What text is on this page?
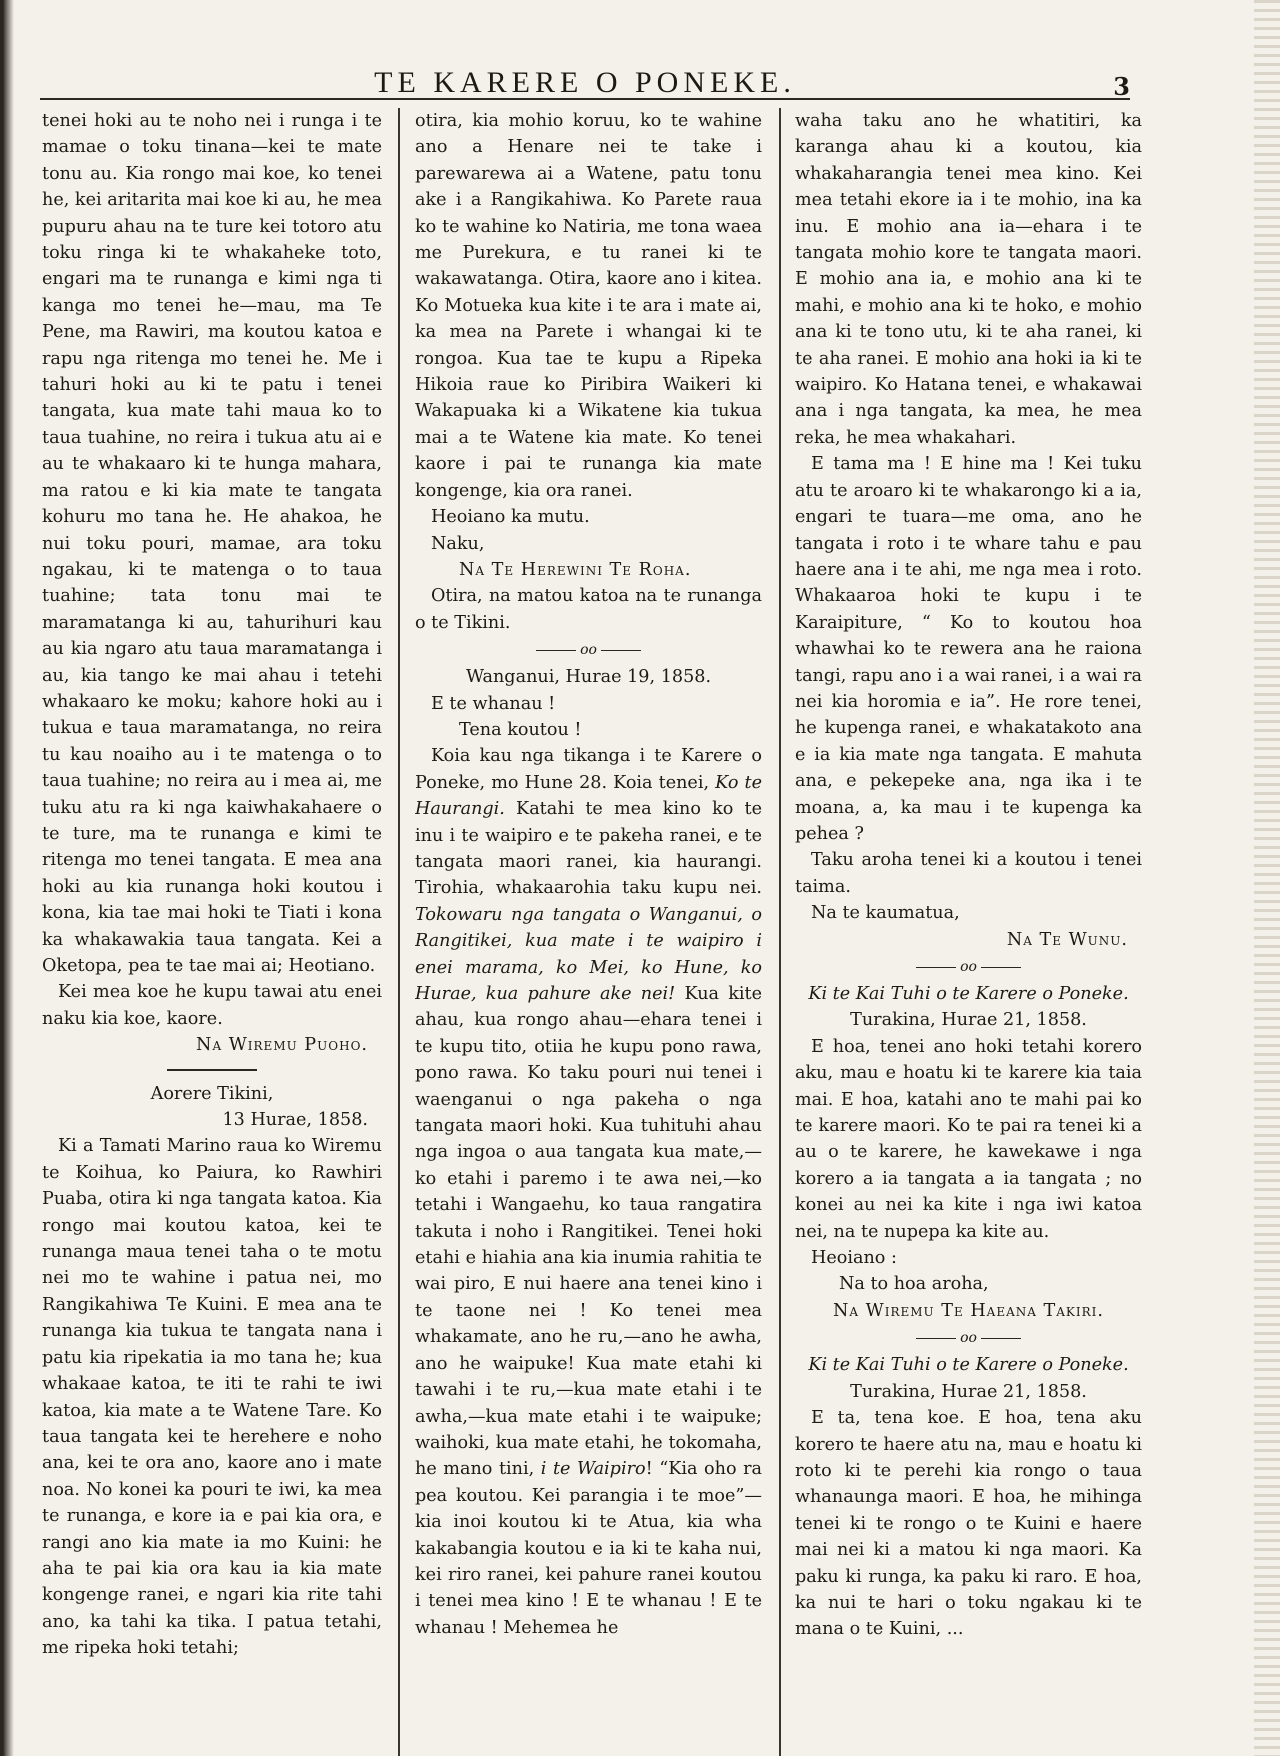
TE KARERE O PONEKE.	3

tenei hoki au te noho nei i runga i te mamae o toku tinana—kei te mate tonu au. Kia rongo mai koe, ko tenei he, kei aritarita mai koe ki au, he mea pupuru ahau na te ture kei totoro atu toku ringa ki te whakaheke toto, engari ma te runanga e kimi nga ti kanga mo tenei he—mau, ma Te Pene, ma Rawiri, ma koutou katoa e rapu nga ritenga mo tenei he. Me i tahuri hoki au ki te patu i tenei tangata, kua mate tahi maua ko to taua tuahine, no reira i tukua atu ai e au te whakaaro ki te hunga mahara, ma ratou e ki kia mate te tangata kohuru mo tana he. He ahakoa, he nui toku pouri, mamae, ara toku ngakau, ki te matenga o to taua tuahine; tata tonu mai te maramatanga ki au, tahurihuri kau au kia ngaro atu taua maramatanga i au, kia tango ke mai ahau i tetehi whakaaro ke moku; kahore hoki au i tukua e taua maramatanga, no reira tu kau noaiho au i te matenga o to taua tuahine; no reira au i mea ai, me tuku atu ra ki nga kaiwhakahaere o te ture, ma te runanga e kimi te ritenga mo tenei tangata. E mea ana hoki au kia runanga hoki koutou i kona, kia tae mai hoki te Tiati i kona ka whakawakia taua tangata. Kei a Oketopa, pea te tae mai ai; Heotiano.

Kei mea koe he kupu tawai atu enei naku kia koe, kaore.

Na Wiremu Puoho.

Aorere Tikini,

13 Hurae, 1858.

Ki a Tamati Marino raua ko Wiremu te Koihua, ko Paiura, ko Rawhiri Puaba, otira ki nga tangata katoa. Kia rongo mai koutou katoa, kei te runanga maua tenei taha o te motu nei mo te wahine i patua nei, mo Rangikahiwa Te Kuini. E mea ana te runanga kia tukua te tangata nana i patu kia ripekatia ia mo tana he; kua whakaae katoa, te iti te rahi te iwi katoa, kia mate a te Watene Tare. Ko taua tangata kei te herehere e noho ana, kei te ora ano, kaore ano i mate noa. No konei ka pouri te iwi, ka mea te runanga, e kore ia e pai kia ora, e rangi ano kia mate ia mo Kuini: he aha te pai kia ora kau ia kia mate kongenge ranei, e ngari kia rite tahi ano, ka tahi ka tika. I patua tetahi, me ripeka hoki tetahi;

otira, kia mohio koruu, ko te wahine ano a Henare nei te take i parewarewa ai a Watene, patu tonu ake i a Rangikahiwa. Ko Parete raua ko te wahine ko Natiria, me tona waea me Purekura, e tu ranei ki te wakawatanga. Otira, kaore ano i kitea. Ko Motueka kua kite i te ara i mate ai, ka mea na Parete i whangai ki te rongoa. Kua tae te kupu a Ripeka Hikoia raue ko Piribira Waikeri ki Wakapuaka ki a Wikatene kia tukua mai a te Watene kia mate. Ko tenei kaore i pai te runanga kia mate kongenge, kia ora ranei.

Heoiano ka mutu.

Naku,

Na Te Herewini Te Roha.

Otira, na matou katoa na te runanga o te Tikini.

oo

Wanganui, Hurae 19, 1858.

E te whanau !

Tena koutou !

Koia kau nga tikanga i te Karere o Poneke, mo Hune 28. Koia tenei, Ko te Haurangi. Katahi te mea kino ko te inu i te waipiro e te pakeha ranei, e te tangata maori ranei, kia haurangi. Tirohia, whakaarohia taku kupu nei. Tokowaru nga tangata o Wanganui, o Rangitikei, kua mate i te waipiro i enei marama, ko Mei, ko Hune, ko Hurae, kua pahure ake nei! Kua kite ahau, kua rongo ahau—ehara tenei i te kupu tito, otiia he kupu pono rawa, pono rawa. Ko taku pouri nui tenei i waenganui o nga pakeha o nga tangata maori hoki. Kua tuhituhi ahau nga ingoa o aua tangata kua mate,—ko etahi i paremo i te awa nei,—ko tetahi i Wangaehu, ko taua rangatira takuta i noho i Rangitikei. Tenei hoki etahi e hiahia ana kia inumia rahitia te wai piro, E nui haere ana tenei kino i te taone nei ! Ko tenei mea whakamate, ano he ru,—ano he awha, ano he waipuke! Kua mate etahi ki tawahi i te ru,—kua mate etahi i te awha,—kua mate etahi i te waipuke; waihoki, kua mate etahi, he tokomaha, he mano tini, i te Waipiro! “Kia oho ra pea koutou. Kei parangia i te moe”—kia inoi koutou ki te Atua, kia wha kakabangia koutou e ia ki te kaha nui, kei riro ranei, kei pahure ranei koutou i tenei mea kino ! E te whanau ! E te whanau ! Mehemea he

waha taku ano he whatitiri, ka karanga ahau ki a koutou, kia whakaharangia tenei mea kino. Kei mea tetahi ekore ia i te mohio, ina ka inu. E mohio ana ia—ehara i te tangata mohio kore te tangata maori. E mohio ana ia, e mohio ana ki te mahi, e mohio ana ki te hoko, e mohio ana ki te tono utu, ki te aha ranei, ki te aha ranei. E mohio ana hoki ia ki te waipiro. Ko Hatana tenei, e whakawai ana i nga tangata, ka mea, he mea reka, he mea whakahari.

E tama ma ! E hine ma ! Kei tuku atu te aroaro ki te whakarongo ki a ia, engari te tuara—me oma, ano he tangata i roto i te whare tahu e pau haere ana i te ahi, me nga mea i roto. Whakaaroa hoki te kupu i te Karaipiture, “ Ko to koutou hoa whawhai ko te rewera ana he raiona tangi, rapu ano i a wai ranei, i a wai ra nei kia horomia e ia”. He rore tenei, he kupenga ranei, e whakatakoto ana e ia kia mate nga tangata. E mahuta ana, e pekepeke ana, nga ika i te moana, a, ka mau i te kupenga ka pehea ?

Taku aroha tenei ki a koutou i tenei taima.

Na te kaumatua,

Na Te Wunu.

oo

Ki te Kai Tuhi o te Karere o Poneke.

Turakina, Hurae 21, 1858.

E hoa, tenei ano hoki tetahi korero aku, mau e hoatu ki te karere kia taia mai. E hoa, katahi ano te mahi pai ko te karere maori. Ko te pai ra tenei ki a au o te karere, he kawekawe i nga korero a ia tangata a ia tangata ; no konei au nei ka kite i nga iwi katoa nei, na te nupepa ka kite au.

Heoiano :

Na to hoa aroha,

Na Wiremu Te Haeana Takiri.

oo

Ki te Kai Tuhi o te Karere o Poneke.

Turakina, Hurae 21, 1858.

E ta, tena koe. E hoa, tena aku korero te haere atu na, mau e hoatu ki roto ki te perehi kia rongo o taua whanaunga maori. E hoa, he mihinga tenei ki te rongo o te Kuini e haere mai nei ki a matou ki nga maori. Ka paku ki runga, ka paku ki raro. E hoa, ka nui te hari o toku ngakau ki te mana o te Kuini, ...
